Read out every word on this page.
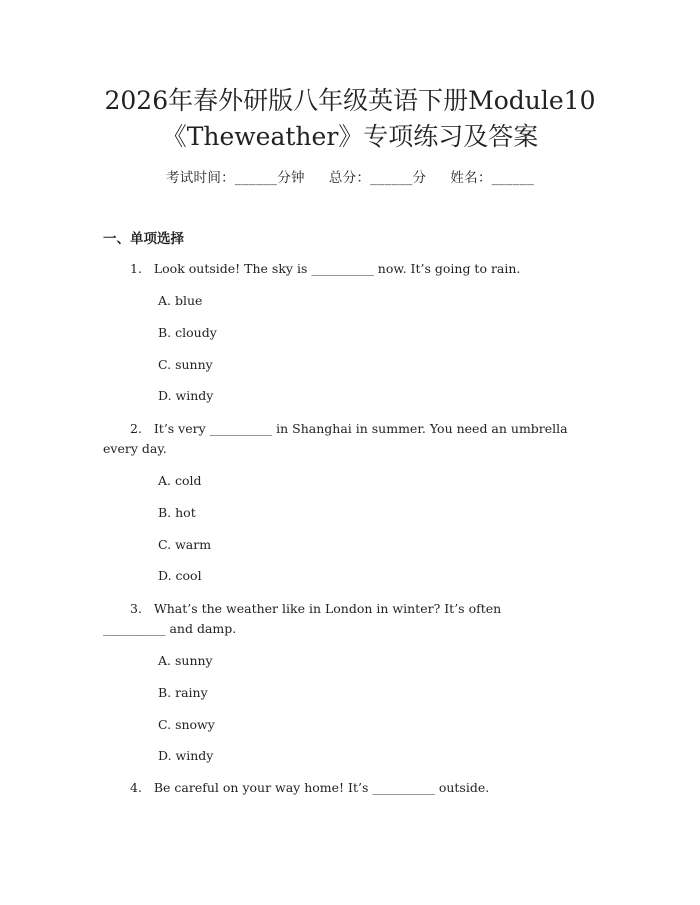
2026年春外研版八年级英语下册Module10
《Theweather》专项练习及答案
考试时间：______分钟 总分：______分 姓名：______
一、单项选择
1. Look outside! The sky is __________ now. It’s going to rain.
A. blue
B. cloudy
C. sunny
D. windy
2. It’s very __________ in Shanghai in summer. You need an umbrella
every day.
A. cold
B. hot
C. warm
D. cool
3. What’s the weather like in London in winter? It’s often
__________ and damp.
A. sunny
B. rainy
C. snowy
D. windy
4. Be careful on your way home! It’s __________ outside.
